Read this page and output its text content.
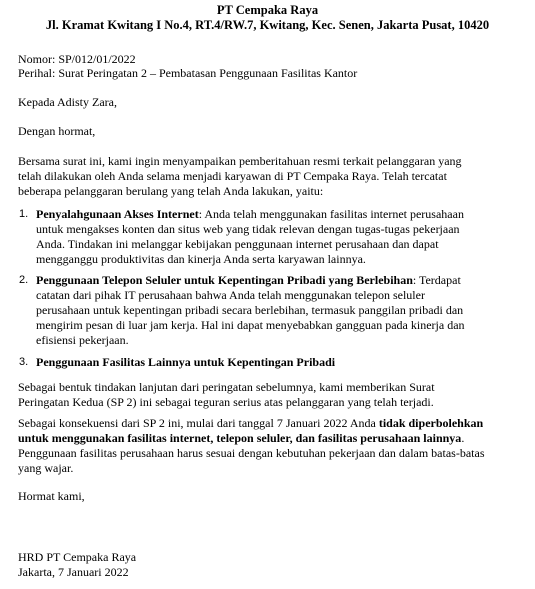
PT Cempaka Raya
Jl. Kramat Kwitang I No.4, RT.4/RW.7, Kwitang, Kec. Senen, Jakarta Pusat, 10420
Nomor: SP/012/01/2022
Perihal: Surat Peringatan 2 – Pembatasan Penggunaan Fasilitas Kantor
Kepada Adisty Zara,
Dengan hormat,
Bersama surat ini, kami ingin menyampaikan pemberitahuan resmi terkait pelanggaran yang
telah dilakukan oleh Anda selama menjadi karyawan di PT Cempaka Raya. Telah tercatat
beberapa pelanggaran berulang yang telah Anda lakukan, yaitu:
1. Penyalahgunaan Akses Internet: Anda telah menggunakan fasilitas internet perusahaan
untuk mengakses konten dan situs web yang tidak relevan dengan tugas-tugas pekerjaan
Anda. Tindakan ini melanggar kebijakan penggunaan internet perusahaan dan dapat
mengganggu produktivitas dan kinerja Anda serta karyawan lainnya.
2. Penggunaan Telepon Seluler untuk Kepentingan Pribadi yang Berlebihan: Terdapat
catatan dari pihak IT perusahaan bahwa Anda telah menggunakan telepon seluler
perusahaan untuk kepentingan pribadi secara berlebihan, termasuk panggilan pribadi dan
mengirim pesan di luar jam kerja. Hal ini dapat menyebabkan gangguan pada kinerja dan
efisiensi pekerjaan.
3. Penggunaan Fasilitas Lainnya untuk Kepentingan Pribadi
Sebagai bentuk tindakan lanjutan dari peringatan sebelumnya, kami memberikan Surat
Peringatan Kedua (SP 2) ini sebagai teguran serius atas pelanggaran yang telah terjadi.
Sebagai konsekuensi dari SP 2 ini, mulai dari tanggal 7 Januari 2022 Anda tidak diperbolehkan
untuk menggunakan fasilitas internet, telepon seluler, dan fasilitas perusahaan lainnya.
Penggunaan fasilitas perusahaan harus sesuai dengan kebutuhan pekerjaan dan dalam batas-batas
yang wajar.
Hormat kami,
HRD PT Cempaka Raya
Jakarta, 7 Januari 2022
